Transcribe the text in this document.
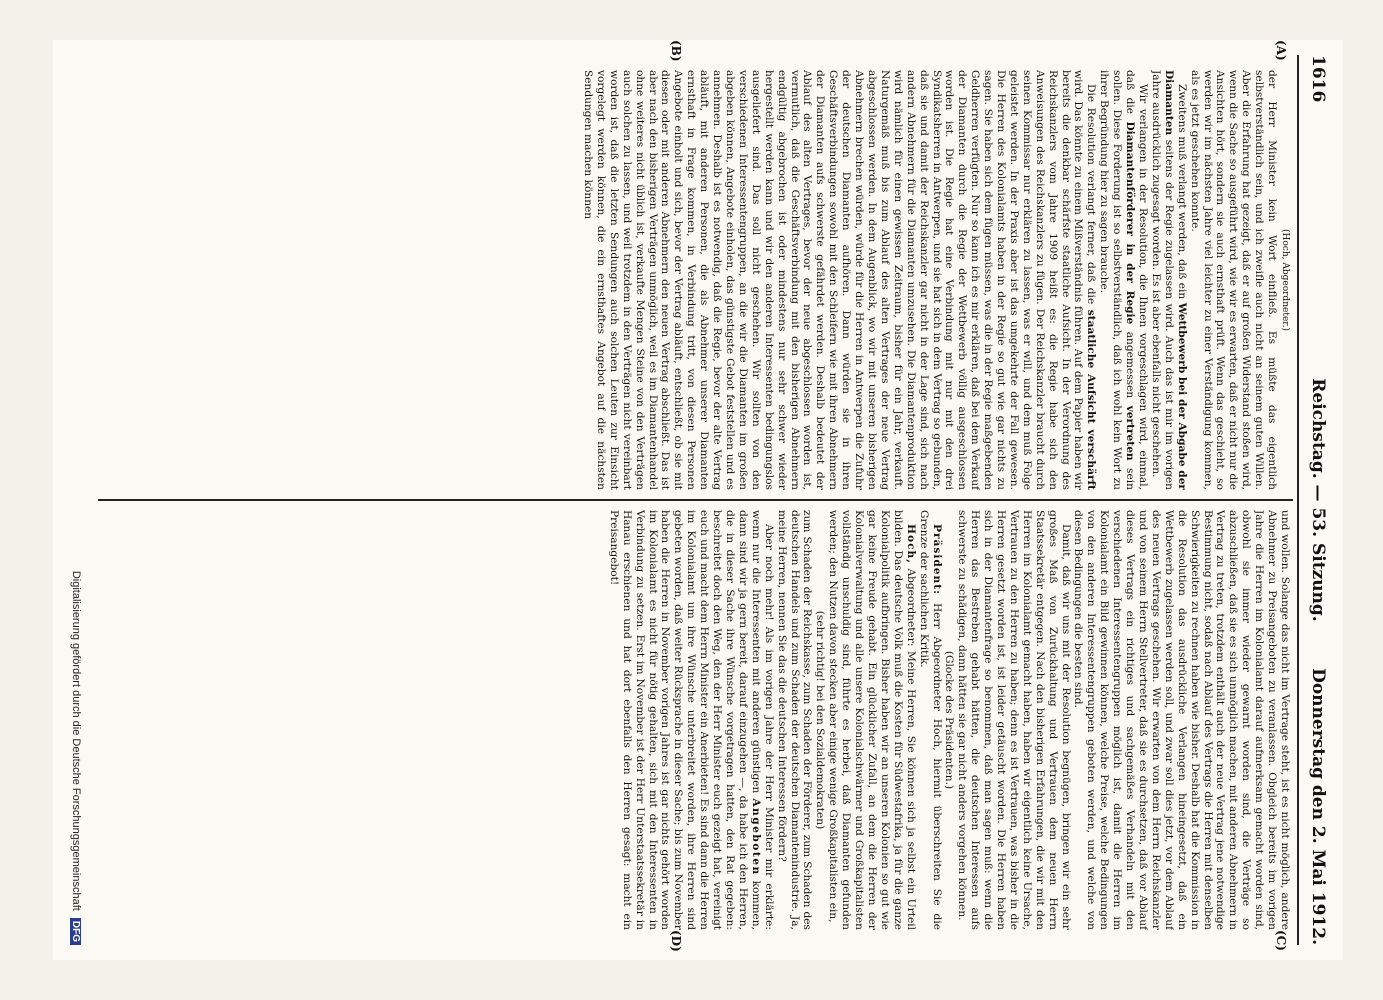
1616
Reichstag. — 53. Sitzung.
Donnerstag den 2. Mai 1912.
(A)
(B)
(C)
(D)

(Hoch, Abgeordneter.)

der Herr Minister kein Wort einfließ. Es müßte das eigentlich selbstverständlich sein, und ich zweifle auch nicht an seinem guten Willen. Aber die Erfahrung hat gezeigt, daß er auf großen Widerstand stoßen wird, wenn die Sache so ausgeführt wird, wie wir es erwarten, daß er nicht nur die Ansichten hört, sondern sie auch ernsthaft prüft. Wenn das geschieht, so werden wir im nächsten Jahre viel leichter zu einer Verständigung kommen, als es jetzt geschehen konnte.

Zweitens muß verlangt werden, daß ein Wettbewerb bei der Abgabe der Diamanten seitens der Regie zugelassen wird. Auch das ist mir im vorigen Jahre ausdrücklich zugesagt worden. Es ist aber ebenfalls nicht geschehen.

Wir verlangen in der Resolution, die Ihnen vorgeschlagen wird, einmal, daß die Diamantenförderer in der Regie angemessen vertreten sein sollen. Diese Forderung ist so selbstverständlich, daß ich wohl kein Wort zu ihrer Begründung hier zu sagen brauche.

Die Resolution verlangt ferner, daß die staatliche Aufsicht verschärft wird. Das könnte zu einem Mißverständnis führen. Auf dem Papier haben wir bereits die denkbar schärfste staatliche Aufsicht. In der Verordnung des Reichskanzlers vom Jahre 1909 heißt es: die Regie habe sich den Anweisungen des Reichskanzlers zu fügen. Der Reichskanzler braucht durch seinen Kommissar nur erklären zu lassen, was er will, und dem muß Folge geleistet werden. In der Praxis aber ist das umgekehrte der Fall gewesen. Die Herren des Kolonialamts haben in der Regie so gut wie gar nichts zu sagen. Sie haben sich dem fügen müssen, was die in der Regie maßgebenden Geldherren verfügten. Nur so kann ich es mir erklären, daß bei dem Verkauf der Diamanten durch die Regie der Wettbewerb völlig ausgeschlossen worden ist. Die Regie hat eine Verbindung mit nur mit den drei Syndikatsherren in Antwerpen, und sie hat sich in dem Vertrag so gebunden, daß sie und damit der Reichskanzler gar nicht in der Lage sind, sich nach andern Abnehmern für die Diamanten umzusehen. Die Diamantenproduktion wird nämlich für einen gewissen Zeitraum, bisher für ein Jahr, verkauft. Naturgemäß muß bis zum Ablauf des alten Vertrages der neue Vertrag abgeschlossen werden. In dem Augenblick, wo wir mit unseren bisherigen Abnehmern brechen würden, würde für die Herren in Antwerpen die Zufuhr der deutschen Diamanten aufhören. Dann würden sie in ihren Geschäftsverbindungen sowohl mit den Schleifern wie mit ihren Abnehmern der Diamanten aufs schwerste gefährdet werden. Deshalb bedeutet der Ablauf des alten Vertrages, bevor der neue abgeschlossen worden ist, vermutlich, daß die Geschäftsverbindung mit den bisherigen Abnehmern endgültig abgebrochen ist oder mindestens nur sehr schwer wieder hergestellt werden kann und wir den anderen Interessenten bedingungslos ausgeliefert sind. Das soll nicht geschehen. Wir sollten von den verschiedenen Interessentengruppen, an die wir die Diamanten im großen abgeben können, Angebote einholen, das günstigste Gebot feststellen und es annehmen. Deshalb ist es notwendig, daß die Regie, bevor der alte Vertrag abläuft, mit anderen Personen, die als Abnehmer unserer Diamanten ernsthaft in Frage kommen, in Verbindung tritt, von diesen Personen Angebote einholt und sich, bevor der Vertrag abläuft, entschließt, ob sie mit diesen oder mit anderen Abnehmern den neuen Vertrag abschließt. Das ist aber nach den bisherigen Verträgen unmöglich, weil es im Diamantenhandel ohne weiteres nicht üblich ist, verkaufte Mengen Steine von den Verträgen auch solchen zu lassen, und weil trotzdem in den Verträgen nicht vereinbart worden ist, daß die letzten Sendungen auch solchen Leuten zur Einsicht vorgelegt werden können, die ein ernsthaftes Angebot auf die nächsten Sendungen machen können

und wollen. Solange das nicht im Vertrage steht, ist es nicht möglich, andere Abnehmer zu Preisangeboten zu veranlassen. Obgleich bereits im vorigen Jahre die Herren im Kolonialamt darauf aufmerksam gemacht worden sind, obwohl sie immer wieder gewarnt worden sind, die Verträge so abzuschließen, daß sie es sich unmöglich machen, mit anderen Abnehmern in Vertrag zu treten, trotzdem enthält auch der neue Vertrag jene notwendige Bestimmung nicht, sodaß nach Ablauf des Vertrags die Herren mit denselben Schwierigkeiten zu rechnen haben wie bisher. Deshalb hat die Kommission in die Resolution das ausdrückliche Verlangen hineingesetzt, daß ein Wettbewerb zugelassen werden soll, und zwar soll dies jetzt, vor dem Ablauf des neuen Vertrags geschehen. Wir erwarten von dem Herrn Reichskanzler und von seinem Herrn Stellvertreter, daß sie es durchsetzen, daß vor Ablauf dieses Vertrags ein richtiges und sachgemäßes Verhandeln mit den verschiedenen Interessentengruppen möglich ist, damit die Herren im Kolonialamt ein Bild gewinnen können, welche Preise, welche Bedingungen von den anderen Interessentengruppen geboten werden, und welche von diesen Bedingungen die besten sind.

Damit, daß wir uns mit der Resolution begnügen, bringen wir ein sehr großes Maß von Zurückhaltung und Vertrauen dem neuen Herrn Staatssekretär entgegen. Nach den bisherigen Erfahrungen, die wir mit den Herren im Kolonialamt gemacht haben, haben wir eigentlich keine Ursache, Vertrauen zu den Herren zu haben; denn es ist Vertrauen, was bisher in die Herren gesetzt worden ist, ist leider getäuscht worden. Die Herren haben sich in der Diamantenfrage so benommen, daß man sagen muß: wenn die Herren das Bestreben gehabt hätten, die deutschen Interessen aufs schwerste zu schädigen, dann hätten sie gar nicht anders vorgehen können.

(Glocke des Präsidenten.)

Präsident: Herr Abgeordneter Hoch, hiermit überschreiten Sie die Grenze der sachlichen Kritik.

Hoch, Abgeordneter: Meine Herren, Sie können sich ja selbst ein Urteil bilden. Das deutsche Volk muß die Kosten für Südwestafrika, ja für die ganze Kolonialpolitik aufbringen. Bisher haben wir an unseren Kolonien so gut wie gar keine Freude gehabt. Ein glücklicher Zufall, an dem die Herren der Kolonialverwaltung und alle unsere Kolonialschwärmer und Großkapitalisten vollständig unschuldig sind, führte es herbei, daß Diamanten gefunden werden; den Nutzen davon stecken aber einige wenige Großkapitalisten ein,

(sehr richtig! bei den Sozialdemokraten)

zum Schaden der Reichskasse, zum Schaden der Förderer, zum Schaden des deutschen Handels und zum Schaden der deutschen Diamantenindustrie. Ja, meine Herren, nennen Sie das die deutschen Interessen fördern?

Aber noch mehr! Als im vorigen Jahre der Herr Minister mir erklärte: wenn nur die Interessenten mit anderen günstigen Angeboten kommen, dann sind wir ja gern bereit, darauf einzugehen —, da habe ich den Herren, die in dieser Sache ihre Wünsche vorgetragen hatten, den Rat gegeben: beschreitet doch den Weg, den der Herr Minister euch gezeigt hat, vereinigt euch und macht dem Herrn Minister ein Anerbieten! Es sind dann die Herren im Kolonialamt um ihre Wünsche unterbreitet worden, ihre Herren sind gebeten worden, daß weiter Rücksprache in dieser Sache; bis zum November haben die Herren in November vorigen Jahres ist gar nichts gehört worden im Kolonialamt es nicht für nötig gehalten, sich mit den Interessenten in Verbindung zu setzen. Erst im November ist der Herr Unterstaatssekretär in Hanau erschienen und hat dort ebenfalls den Herren gesagt: macht ein Preisangebot!

Digitalisierung gefördert durch die Deutsche Forschungsgemeinschaft DFG
